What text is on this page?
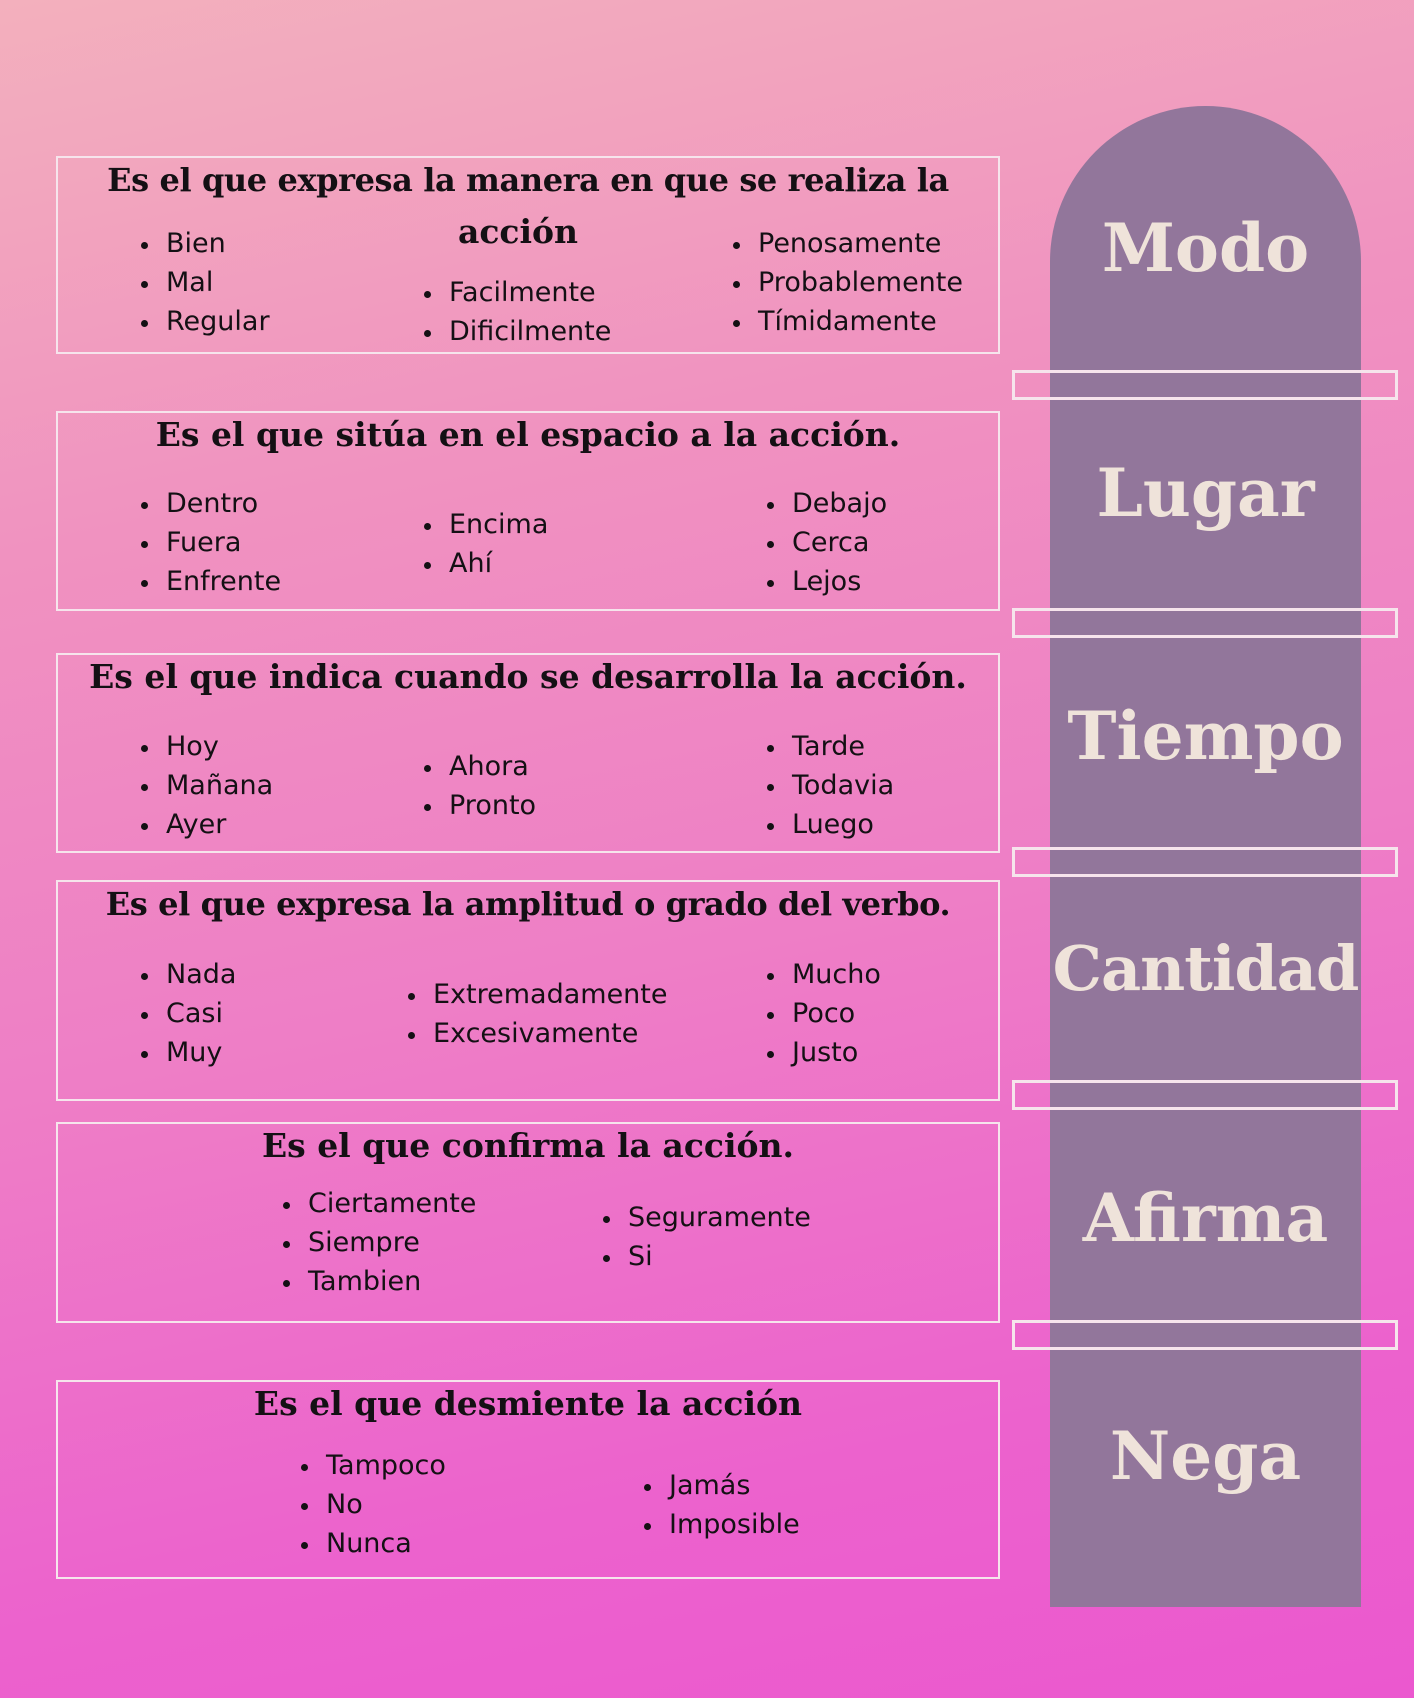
Modo
Es el que expresa la manera en que se realiza la
acción
• Bien
• Mal
• Regular
• Facilmente
• Dificilmente
• Penosamente
• Probablemente
• Tímidamente
Lugar
Es el que sitúa en el espacio a la acción.
• Dentro
• Fuera
• Enfrente
• Encima
• Ahí
• Debajo
• Cerca
• Lejos
Tiempo
Es el que indica cuando se desarrolla la acción.
• Hoy
• Mañana
• Ayer
• Ahora
• Pronto
• Tarde
• Todavia
• Luego
Cantidad
Es el que expresa la amplitud o grado del verbo.
• Nada
• Casi
• Muy
• Extremadamente
• Excesivamente
• Mucho
• Poco
• Justo
Afirma
Es el que confirma la acción.
• Ciertamente
• Siempre
• Tambien
• Seguramente
• Si
Nega
Es el que desmiente la acción
• Tampoco
• No
• Nunca
• Jamás
• Imposible
